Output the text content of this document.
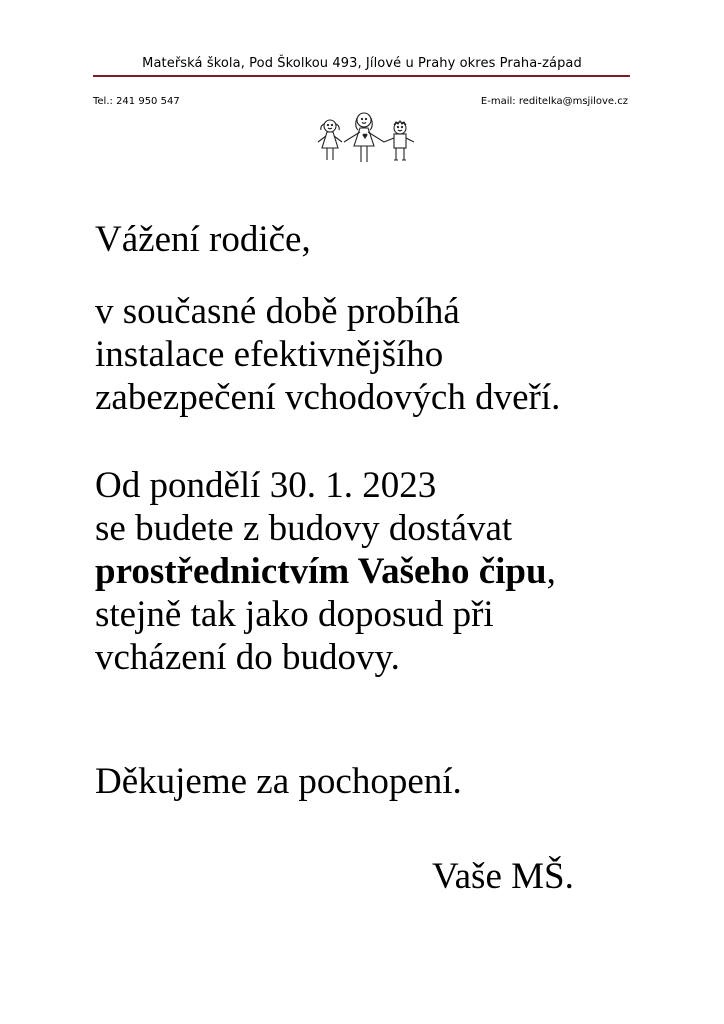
Mateřská škola, Pod Školkou 493, Jílové u Prahy okres Praha-západ
Tel.: 241 950 547	E-mail: reditelka@msjilove.cz
Vážení rodiče,
v současné době probíhá
instalace efektivnějšího
zabezpečení vchodových dveří.
Od pondělí 30. 1. 2023
se budete z budovy dostávat
prostřednictvím Vašeho čipu,
stejně tak jako doposud při
vcházení do budovy.
Děkujeme za pochopení.
Vaše MŠ.
